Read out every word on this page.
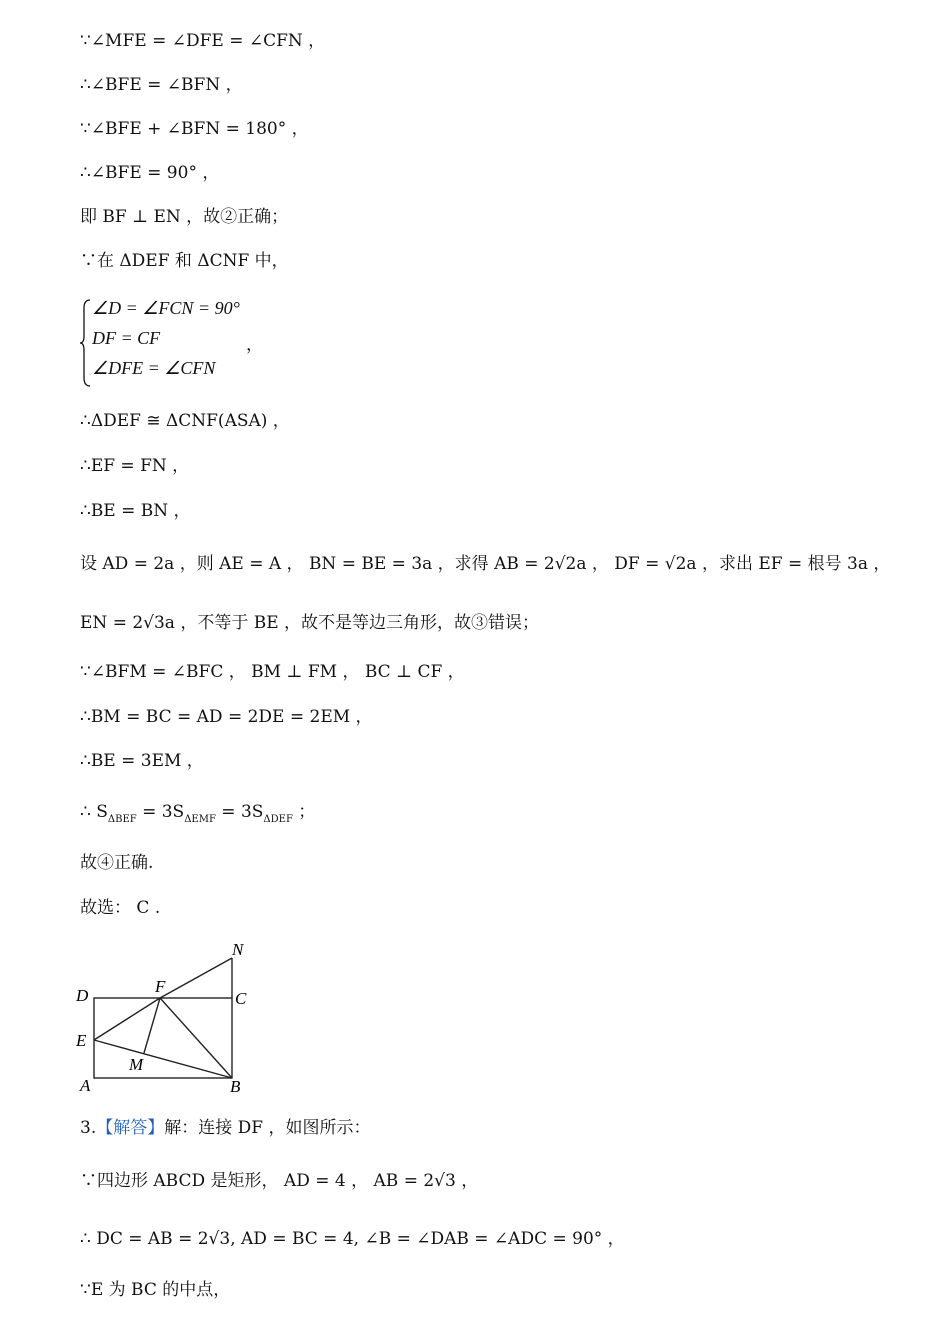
∵∠MFE = ∠DFE = ∠CFN ，
∴∠BFE = ∠BFN ，
∵∠BFE + ∠BFN = 180° ，
∴∠BFE = 90° ，
即 BF ⊥ EN ，故②正确；
∵在 ΔDEF 和 ΔCNF 中，
∠D = ∠FCN = 90°
DF = CF
∠DFE = ∠CFN
，
∴ΔDEF ≅ ΔCNF(ASA) ，
∴EF = FN ，
∴BE = BN ，
设 AD = 2a ，则 AE = A ， BN = BE = 3a ，求得 AB = 2√2a ， DF = √2a ，求出 EF = 根号 3a ，
EN = 2√3a ，不等于 BE ，故不是等边三角形，故③错误；
∵∠BFM = ∠BFC ， BM ⊥ FM ， BC ⊥ CF ，
∴BM = BC = AD = 2DE = 2EM ，
∴BE = 3EM ，
∴ $S_{\Delta BEF} = 3S_{\Delta EMF} = 3S_{\Delta DEF}$ ；
故④正确.
故选： C .
N
D	F
C
E
M
A	B
3.【解答】解：连接 DF ，如图所示：
∵四边形 ABCD 是矩形， AD = 4 ， AB = 2√3 ，
∴ DC = AB = 2√3, AD = BC = 4, ∠B = ∠DAB = ∠ADC = 90° ，
∵E 为 BC 的中点，
